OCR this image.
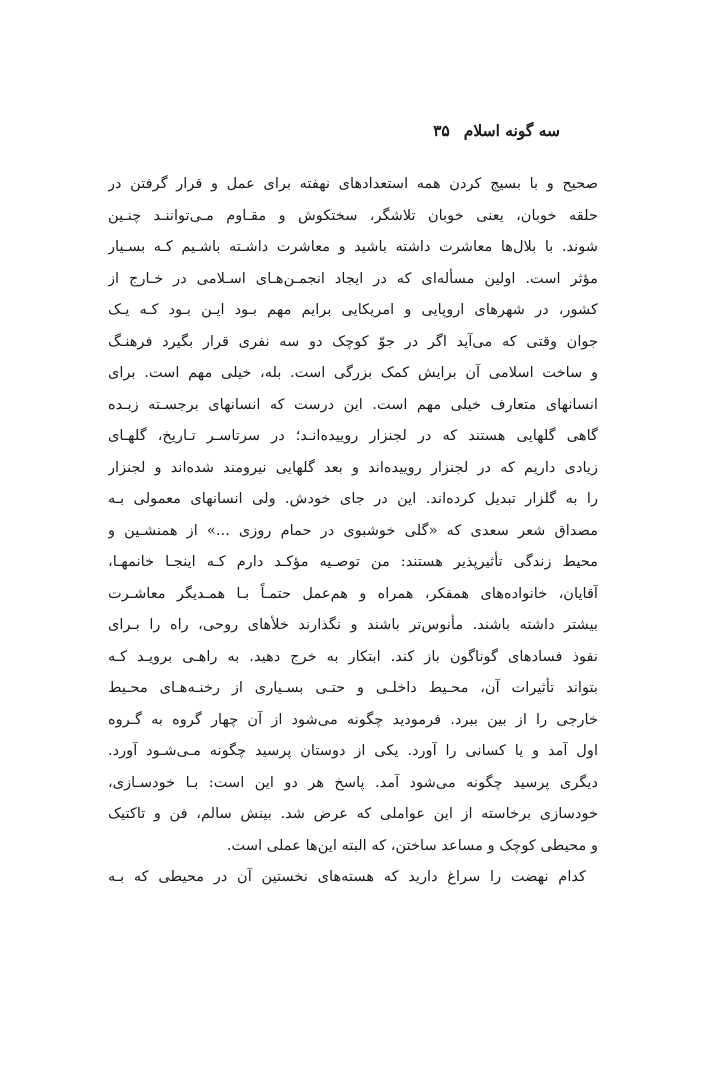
سه گونه اسلام۳۵
صحیح و با بسیج کردن همه استعدادهای نهفته برای عمل و قرار گرفتن در
حلقه خوبان، یعنی خوبان تلاشگر، سختکوش و مقـاوم مـی‌تواننـد چنـین
شوند. با بلال‌ها معاشرت داشته باشید و معاشرت داشـته باشـیم کـه بسـیار
مؤثر است. اولین مسأله‌ای که در ایجاد انجمـن‌هـای اسـلامی در خـارج از
کشور، در شهرهای اروپایی و امریکایی برایم مهم بـود ایـن بـود کـه یـک
جوان وقتی که می‌آید اگر در جوّ کوچک دو سه نفری قرار بگیرد فرهنـگ
و ساخت اسلامی آن برایش کمک بزرگی است. بله، خیلی مهم است. برای
انسانهای متعارف خیلی مهم است. این درست که انسانهای برجسـته زبـده
گاهی گلهایی هستند که در لجنزار روییده‌انـد؛ در سرتاسـر تـاریخ، گلهـای
زیادی داریم که در لجنزار روییده‌اند و بعد گلهایی نیرومند شده‌اند و لجنزار
را به گلزار تبدیل کرده‌اند. این در جای خودش. ولی انسانهای معمولی بـه
مصداق شعر سعدی که «گلی خوشبوی در حمام روزی ...» از همنشـین و
محیط زندگی تأثیرپذیر هستند: من توصـیه مؤکـد دارم کـه اینجـا خانمهـا،
آقایان، خانواده‌های همفکر، همراه و هم‌عمل حتمـاً بـا همـدیگر معاشـرت
بیشتر داشته باشند. مأنوس‌تر باشند و نگذارند خلأهای روحی، راه را بـرای
نفوذ فسادهای گوناگون باز کند. ابتکار به خرج دهید. به راهـی برویـد کـه
بتواند تأثیرات آن، محـیط داخلـی و حتـی بسـیاری از رخنـه‌هـای محـیط
خارجی را از بین ببرد. فرمودید چگونه می‌شود از آن چهار گروه به گـروه
اول آمد و یا کسانی را آورد. یکی از دوستان پرسید چگونه مـی‌شـود آورد.
دیگری پرسید چگونه می‌شود آمد. پاسخ هر دو این است: بـا خودسـازی،
خودسازی برخاسته از این عواملی که عرض شد. بینش سالم، فن و تاکتیک
و محیطی کوچک و مساعد ساختن، که البته این‌ها عملی است.
کدام نهضت را سراغ دارید که هسته‌های نخستین آن در محیطی که بـه
